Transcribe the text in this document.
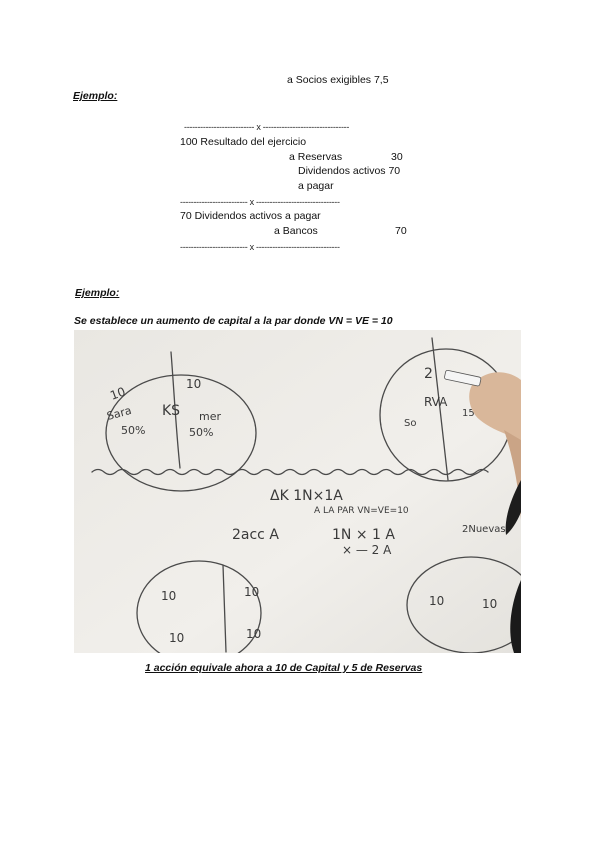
a Socios exigibles 7,5
Ejemplo:
-------------------------- x --------------------------------
100 Resultado del ejercicio
a Reservas	30
Dividendos activos 70
a pagar
------------------------- x -------------------------------
70 Dividendos activos a pagar
a Bancos	70
------------------------- x -------------------------------
Ejemplo:
Se establece un aumento de capital a la par donde VN = VE = 10
10
Sara
50%
KS
10
mer
50%
2
RVA
So
15
ΔK 1N×1A
A LA PAR VN=VE=10
2acc A	1N × 1 A	2Nuevas
× — 2 A
10	10
10	10
10	10
1 acción equivale ahora a 10 de Capital y 5 de Reservas
